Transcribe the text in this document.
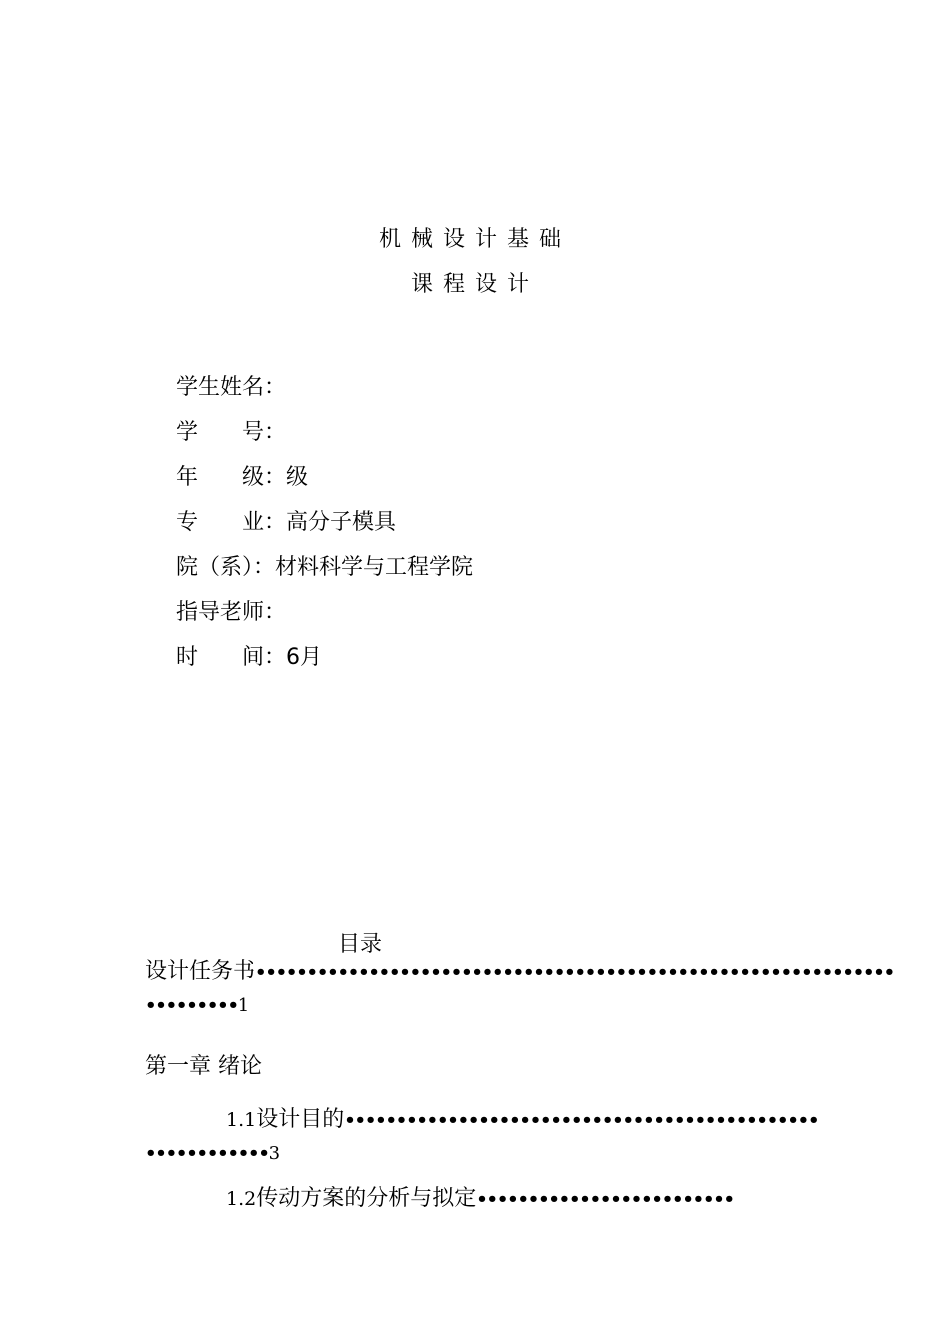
机械设计基础
课程设计
学生姓名：
学　　号：
年　　级：级
专　　业：高分子模具
院（系）：材料科学与工程学院
指导老师：
时　　间：6月
目录
设计任务书••••••••••••••••••••••••••••••••••••••••••••••••••••••••••••••
•••••••••1
第一章 绪论
1.1设计目的••••••••••••••••••••••••••••••••••••••••••••••
••••••••••••3
1.2传动方案的分析与拟定•••••••••••••••••••••••••
